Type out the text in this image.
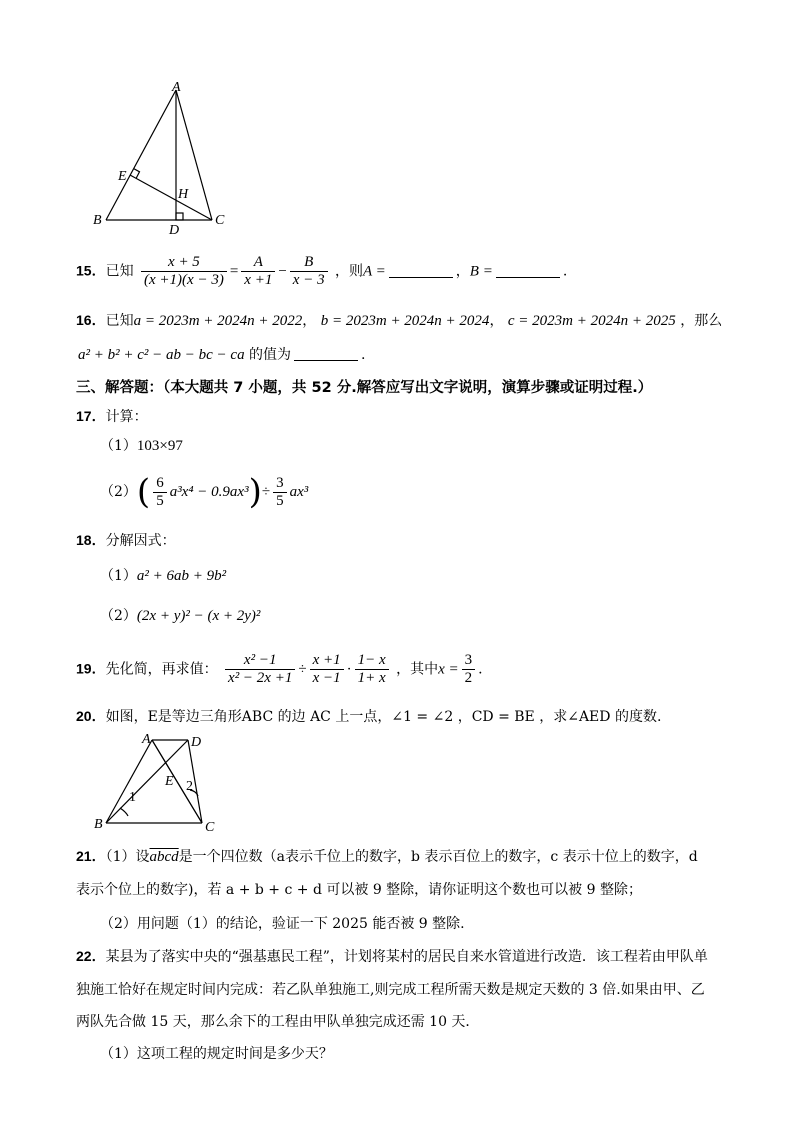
A
E
H
B
D
C
15．已知 $\frac{x + 5}{(x +1)(x - 3)} = \frac{A}{x +1} - \frac{B}{x - 3}$ ，则A =	，B =	.
16．已知a = 2023m + 2024n + 2022， b = 2023m + 2024n + 2024， c = 2023m + 2024n + 2025 ，那么
a² + b² + c² − ab − bc − ca 的值为	.
三、解答题：（本大题共 7 小题，共 52 分.解答应写出文字说明，演算步骤或证明过程.）
17．计算：
（1）103×97
$(2)( \frac{6}{5} a^3x^4 - 0.9ax^3)\div \frac{3}{5} ax^3$
18．分解因式：
（1）a² + 6ab + 9b²
（2）(2x + y)² − (x + 2y)²
19．先化简，再求值： $\frac{\text{x² −1}}{\text{x² − 2x +1}} \div \frac{x +1}{x -1} \cdot \frac{1- x}{1+ x}$ ，其中$x = \frac{3}{2}$ .
20．如图，E是等边三角形ABC 的边 AC 上一点，∠1 = ∠2 ，CD = BE ，求∠AED 的度数.
A	D
E
1
2
B	C
21．（1）设abcd是一个四位数（a表示千位上的数字，b 表示百位上的数字，c 表示十位上的数字，d
表示个位上的数字)，若 a + b + c + d 可以被 9 整除，请你证明这个数也可以被 9 整除；
（2）用问题（1）的结论，验证一下 2025 能否被 9 整除.
22．某县为了落实中央的“强基惠民工程”，计划将某村的居民自来水管道进行改造．该工程若由甲队单
独施工恰好在规定时间内完成：若乙队单独施工,则完成工程所需天数是规定天数的 3 倍.如果由甲、乙
两队先合做 15 天，那么余下的工程由甲队单独完成还需 10 天．
（1）这项工程的规定时间是多少天？
